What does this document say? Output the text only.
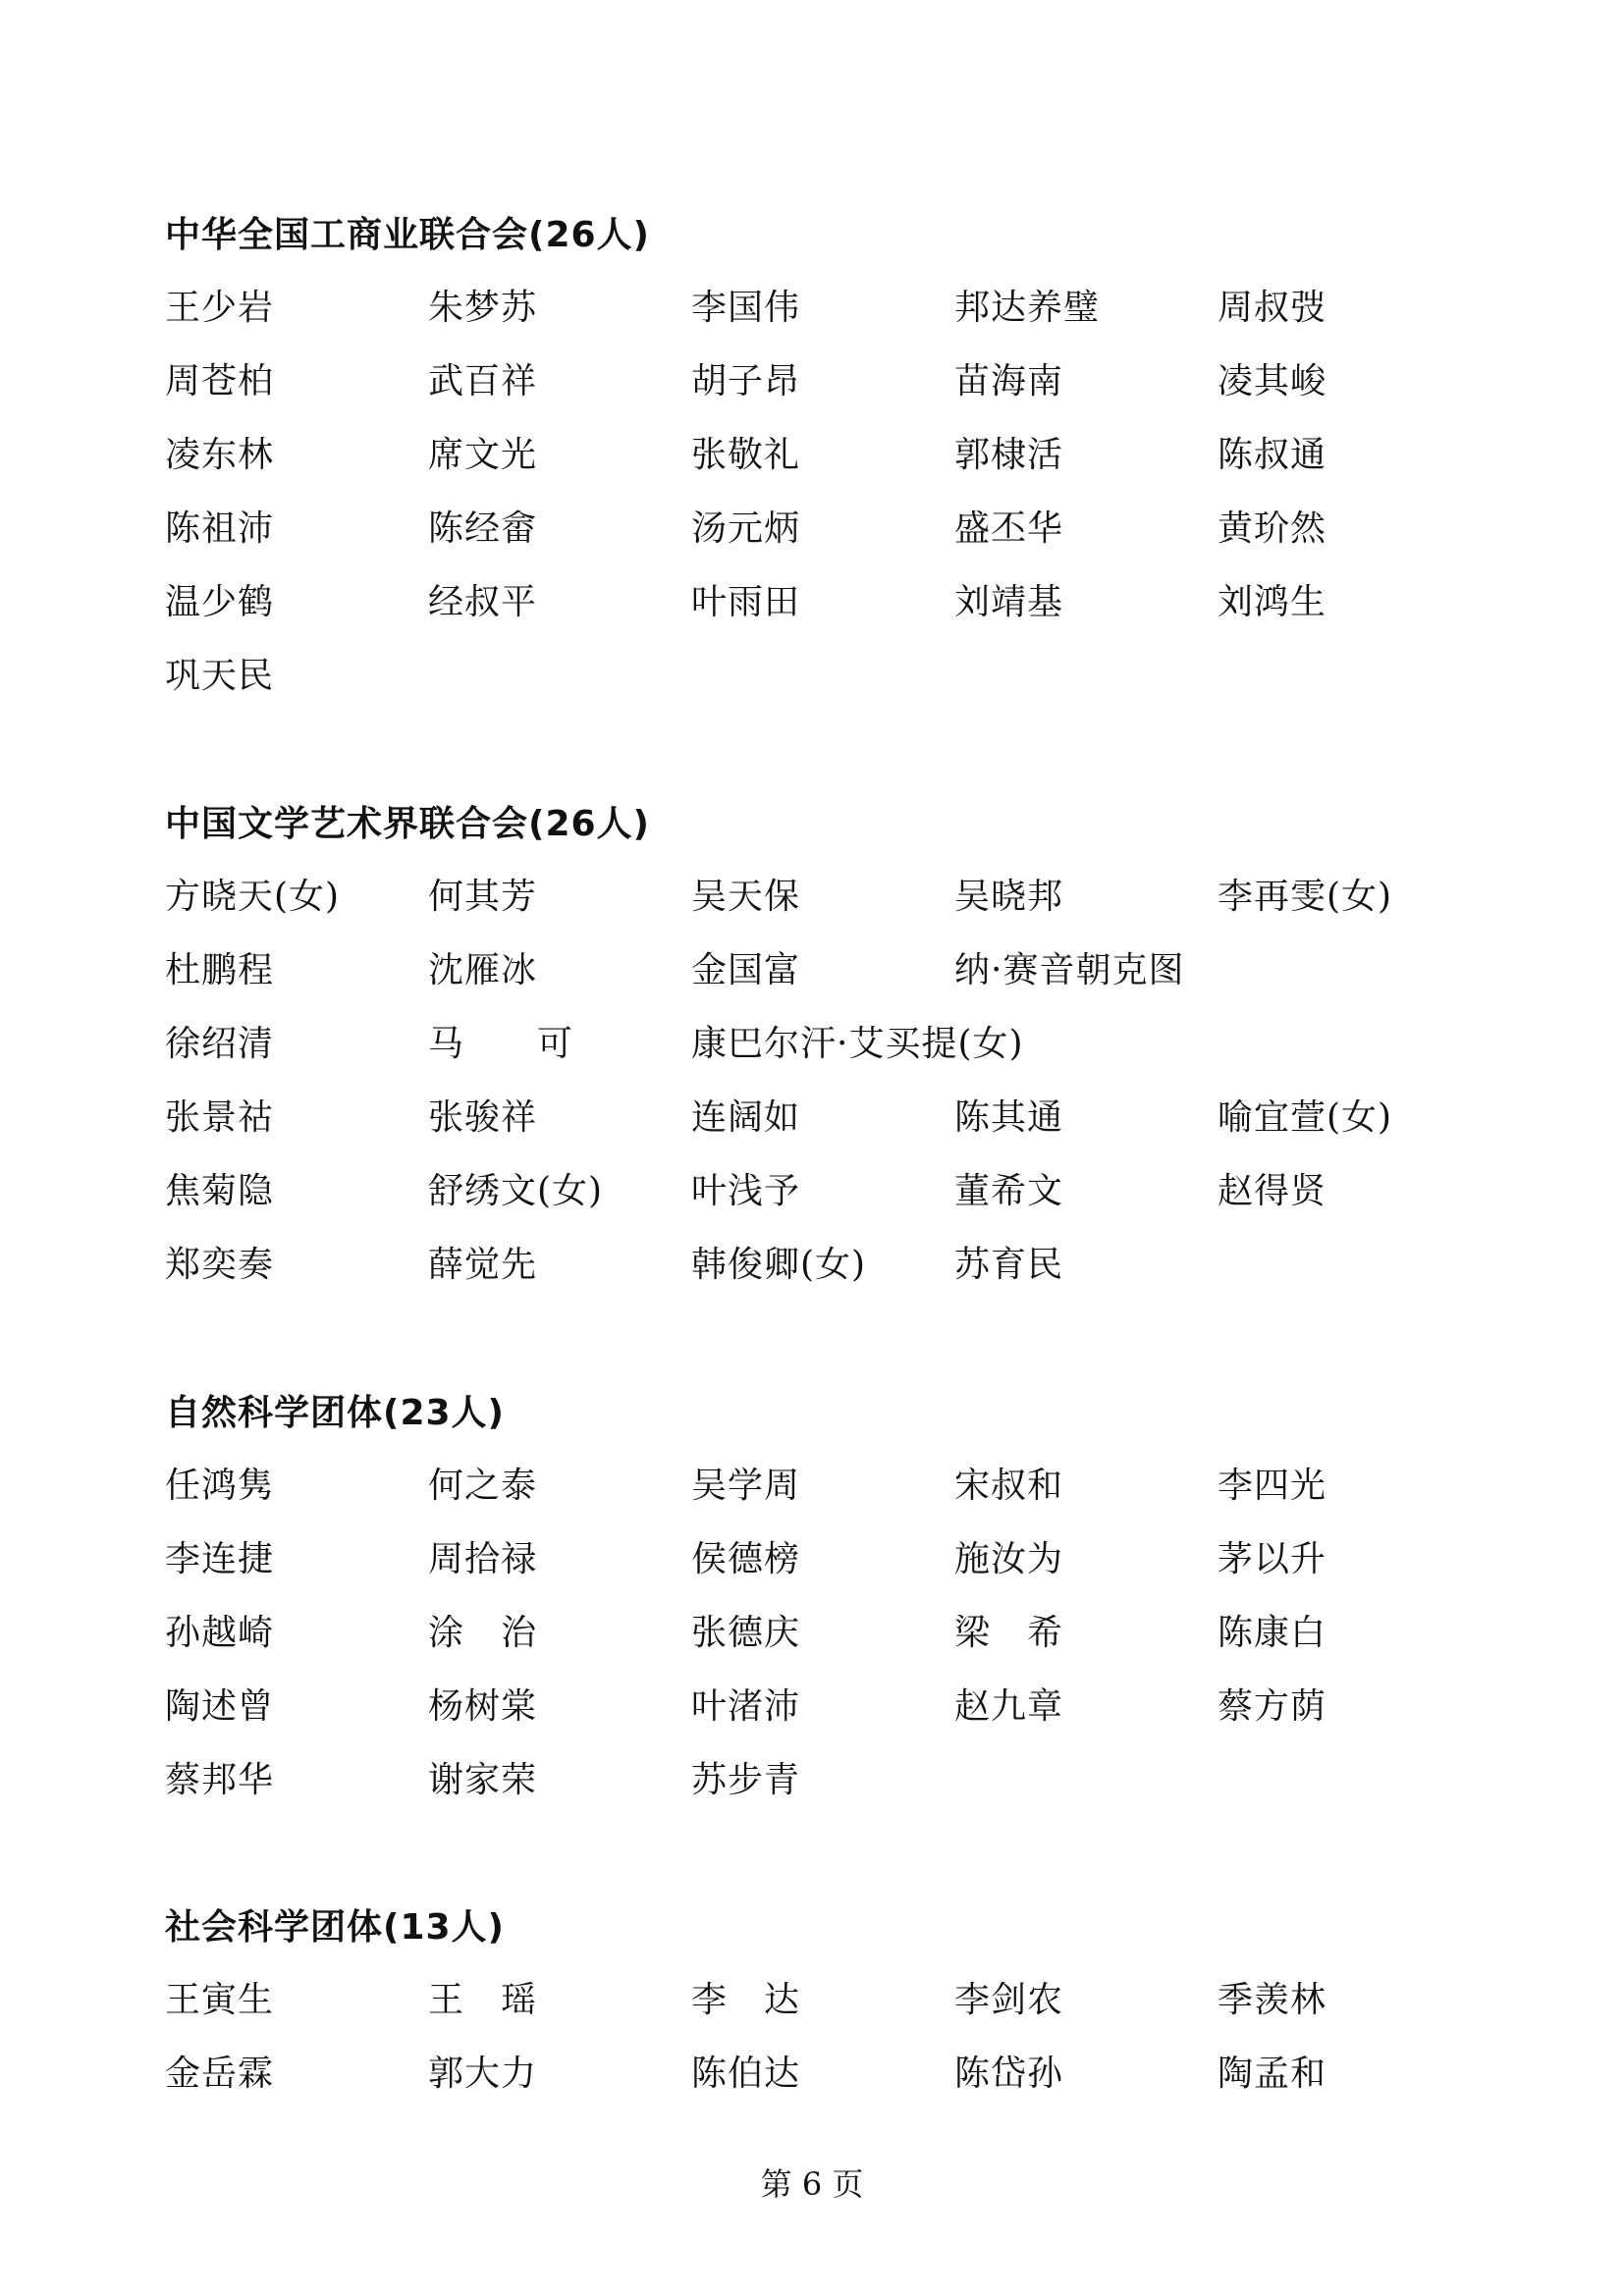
中华全国工商业联合会(26人)
王少岩	朱梦苏	李国伟	邦达养璧	周叔弢
周苍柏	武百祥	胡子昂	苗海南	凌其峻
凌东林	席文光	张敬礼	郭棣活	陈叔通
陈祖沛	陈经畲	汤元炳	盛丕华	黄玠然
温少鹤	经叔平	叶雨田	刘靖基	刘鸿生
巩天民
中国文学艺术界联合会(26人)
方晓天(女)	何其芳	吴天保	吴晓邦	李再雯(女)
杜鹏程	沈雁冰	金国富	纳·赛音朝克图
徐绍清	马　　可	康巴尔汗·艾买提(女)
张景祜	张骏祥	连阔如	陈其通	喻宜萱(女)
焦菊隐	舒绣文(女)	叶浅予	董希文	赵得贤
郑奕奏	薛觉先	韩俊卿(女)	苏育民
自然科学团体(23人)
任鸿隽	何之泰	吴学周	宋叔和	李四光
李连捷	周拾禄	侯德榜	施汝为	茅以升
孙越崎	涂　治	张德庆	梁　希	陈康白
陶述曾	杨树棠	叶渚沛	赵九章	蔡方荫
蔡邦华	谢家荣	苏步青
社会科学团体(13人)
王寅生	王　瑶	李　达	李剑农	季羡林
金岳霖	郭大力	陈伯达	陈岱孙	陶孟和
第 6 页
